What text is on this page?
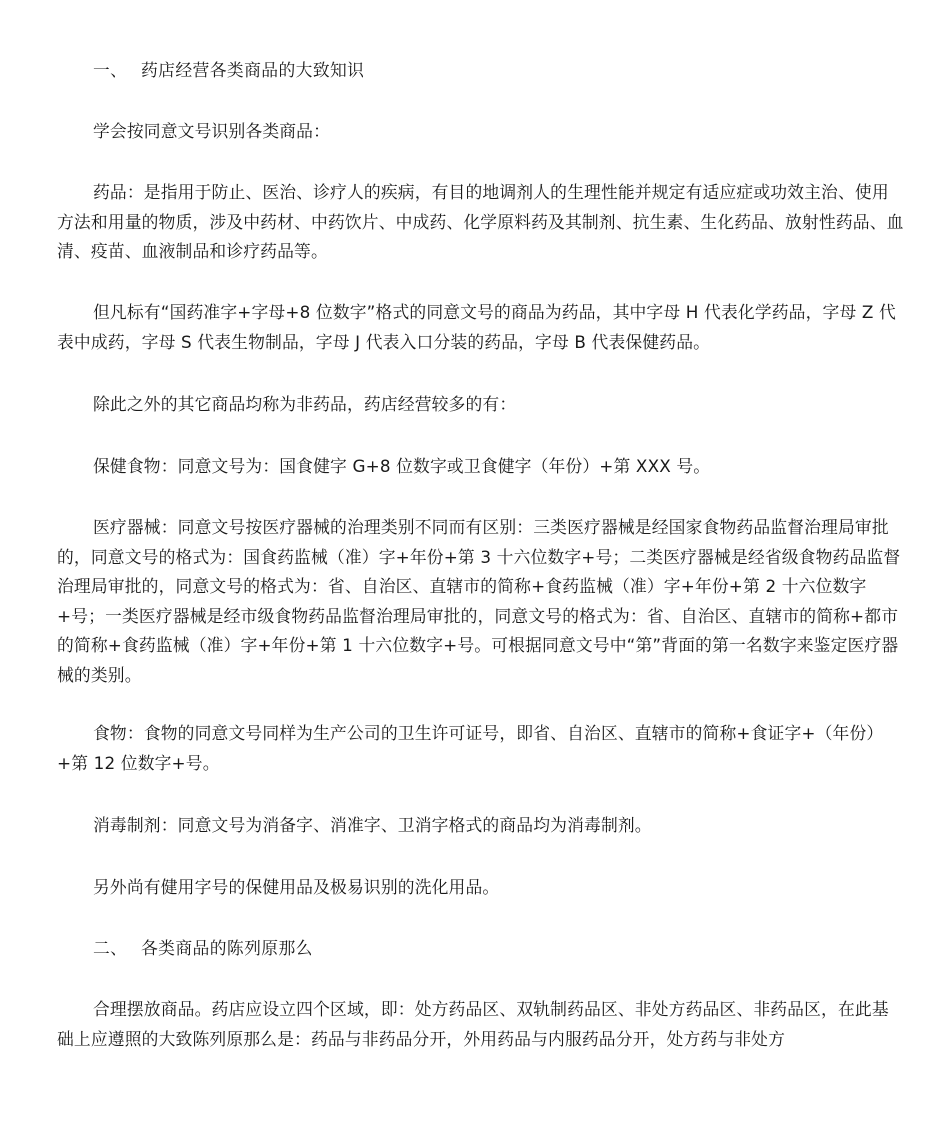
一、 药店经营各类商品的大致知识

学会按同意文号识别各类商品：

药品：是指用于防止、医治、诊疗人的疾病，有目的地调剂人的生理性能并规定有适应症或功效主治、使用方法和用量的物质，涉及中药材、中药饮片、中成药、化学原料药及其制剂、抗生素、生化药品、放射性药品、血清、疫苗、血液制品和诊疗药品等。

但凡标有“国药准字+字母+8 位数字”格式的同意文号的商品为药品，其中字母 H 代表化学药品，字母 Z 代表中成药，字母 S 代表生物制品，字母 J 代表入口分装的药品，字母 B 代表保健药品。

除此之外的其它商品均称为非药品，药店经营较多的有：

保健食物：同意文号为：国食健字 G+8 位数字或卫食健字（年份）+第 XXX 号。

医疗器械：同意文号按医疗器械的治理类别不同而有区别：三类医疗器械是经国家食物药品监督治理局审批的，同意文号的格式为：国食药监械（准）字+年份+第 3 十六位数字+号；二类医疗器械是经省级食物药品监督治理局审批的，同意文号的格式为：省、自治区、直辖市的简称+食药监械（准）字+年份+第 2 十六位数字+号；一类医疗器械是经市级食物药品监督治理局审批的，同意文号的格式为：省、自治区、直辖市的简称+都市的简称+食药监械（准）字+年份+第 1 十六位数字+号。可根据同意文号中“第”背面的第一名数字来鉴定医疗器械的类别。

食物：食物的同意文号同样为生产公司的卫生许可证号，即省、自治区、直辖市的简称+食证字+（年份）+第 12 位数字+号。

消毒制剂：同意文号为消备字、消准字、卫消字格式的商品均为消毒制剂。

另外尚有健用字号的保健用品及极易识别的洗化用品。

二、 各类商品的陈列原那么

合理摆放商品。药店应设立四个区域，即：处方药品区、双轨制药品区、非处方药品区、非药品区，在此基础上应遵照的大致陈列原那么是：药品与非药品分开，外用药品与内服药品分开，处方药与非处方
